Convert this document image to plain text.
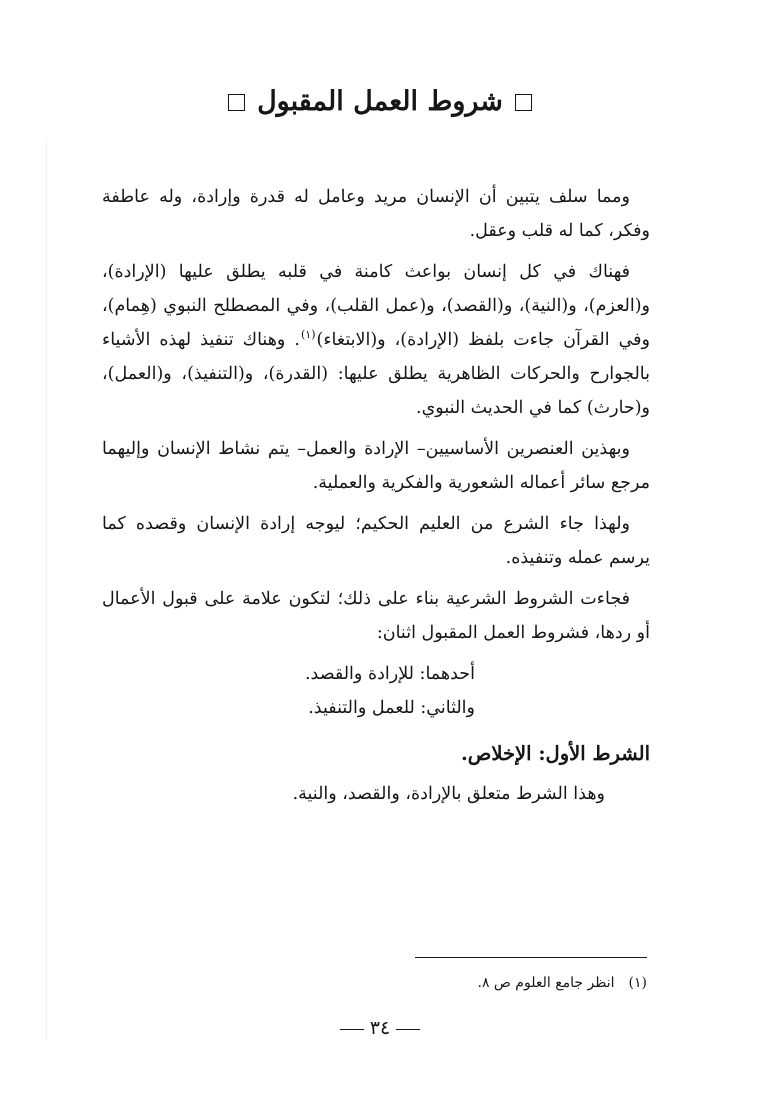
شروط العمل المقبول

ومما سلف يتبين أن الإنسان مريد وعامل له قدرة وإرادة، وله عاطفة وفكر، كما له قلب وعقل.

فهناك في كل إنسان بواعث كامنة في قلبه يطلق عليها (الإرادة)، و(العزم)، و(النية)، و(القصد)، و(عمل القلب)، وفي المصطلح النبوي (هِمام)، وفي القرآن جاءت بلفظ (الإرادة)، و(الابتغاء)$^{(١)}$. وهناك تنفيذ لهذه الأشياء بالجوارح والحركات الظاهرية يطلق عليها: (القدرة)، و(التنفيذ)، و(العمل)، و(حارث) كما في الحديث النبوي.

وبهذين العنصرين الأساسيين– الإرادة والعمل– يتم نشاط الإنسان وإليهما مرجع سائر أعماله الشعورية والفكرية والعملية.

ولهذا جاء الشرع من العليم الحكيم؛ ليوجه إرادة الإنسان وقصده كما يرسم عمله وتنفيذه.

فجاءت الشروط الشرعية بناء على ذلك؛ لتكون علامة على قبول الأعمال أو ردها، فشروط العمل المقبول اثنان:

أحدهما: للإرادة والقصد.

والثاني: للعمل والتنفيذ.

الشرط الأول: الإخلاص.

وهذا الشرط متعلق بالإرادة، والقصد، والنية.

(١)انظر جامع العلوم ص ٨.
٣٤
